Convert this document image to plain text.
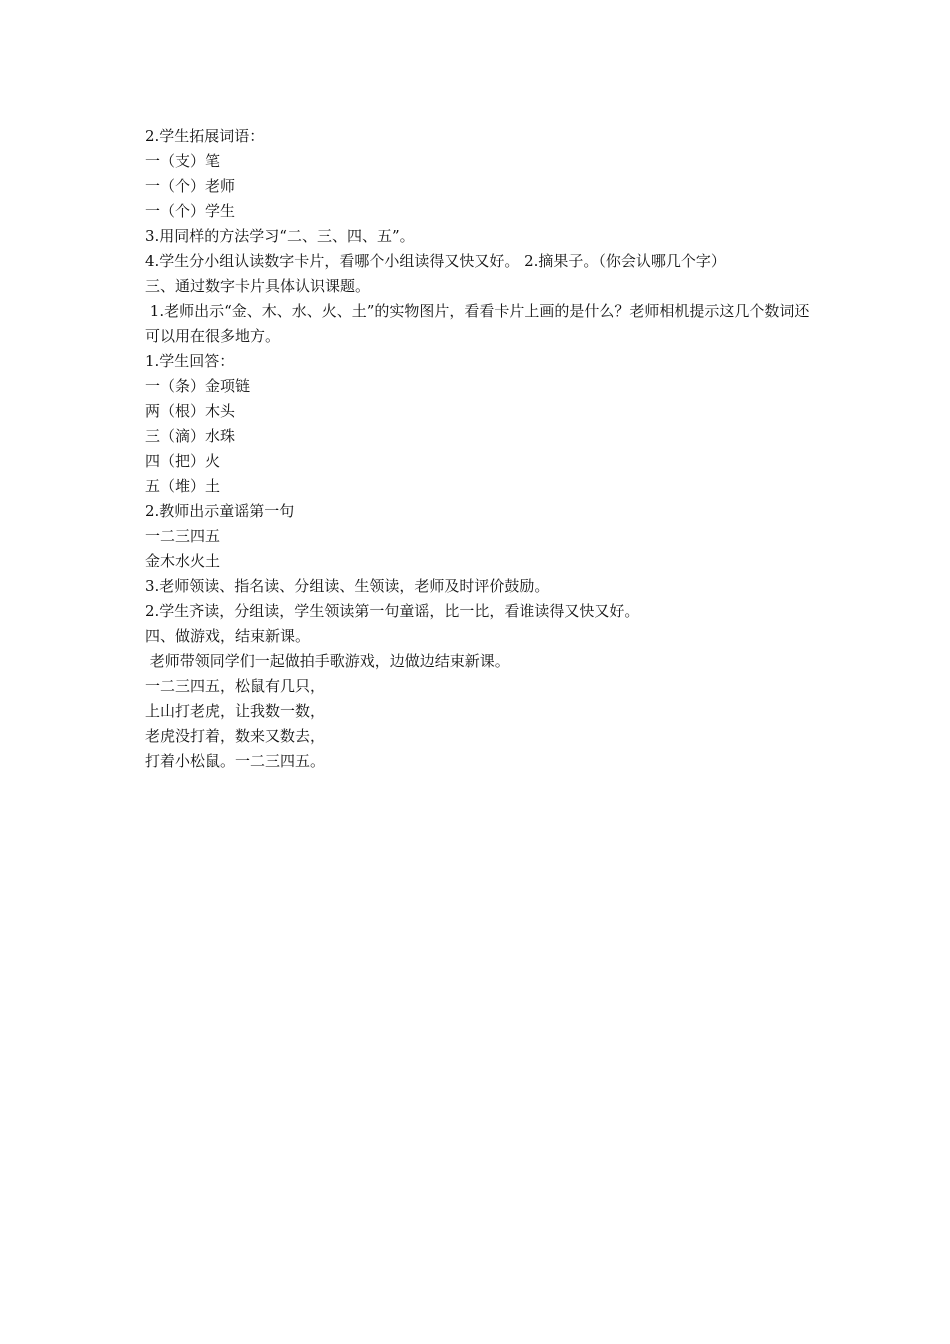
2.学生拓展词语：

一（支）笔

一（个）老师

一（个）学生

3.用同样的方法学习“二、三、四、五”。

4.学生分小组认读数字卡片，看哪个小组读得又快又好。 2.摘果子。（你会认哪几个字）

三、通过数字卡片具体认识课题。

1.老师出示“金、木、水、火、土”的实物图片，看看卡片上画的是什么？老师相机提示这几个数词还可以用在很多地方。

1.学生回答：

一（条）金项链

两（根）木头

三（滴）水珠

四（把）火

五（堆）土

2.教师出示童谣第一句

一二三四五

金木水火土

3.老师领读、指名读、分组读、生领读，老师及时评价鼓励。

2.学生齐读，分组读，学生领读第一句童谣，比一比，看谁读得又快又好。

四、做游戏，结束新课。

老师带领同学们一起做拍手歌游戏，边做边结束新课。

一二三四五，松鼠有几只，

上山打老虎，让我数一数，

老虎没打着，数来又数去，

打着小松鼠。一二三四五。
